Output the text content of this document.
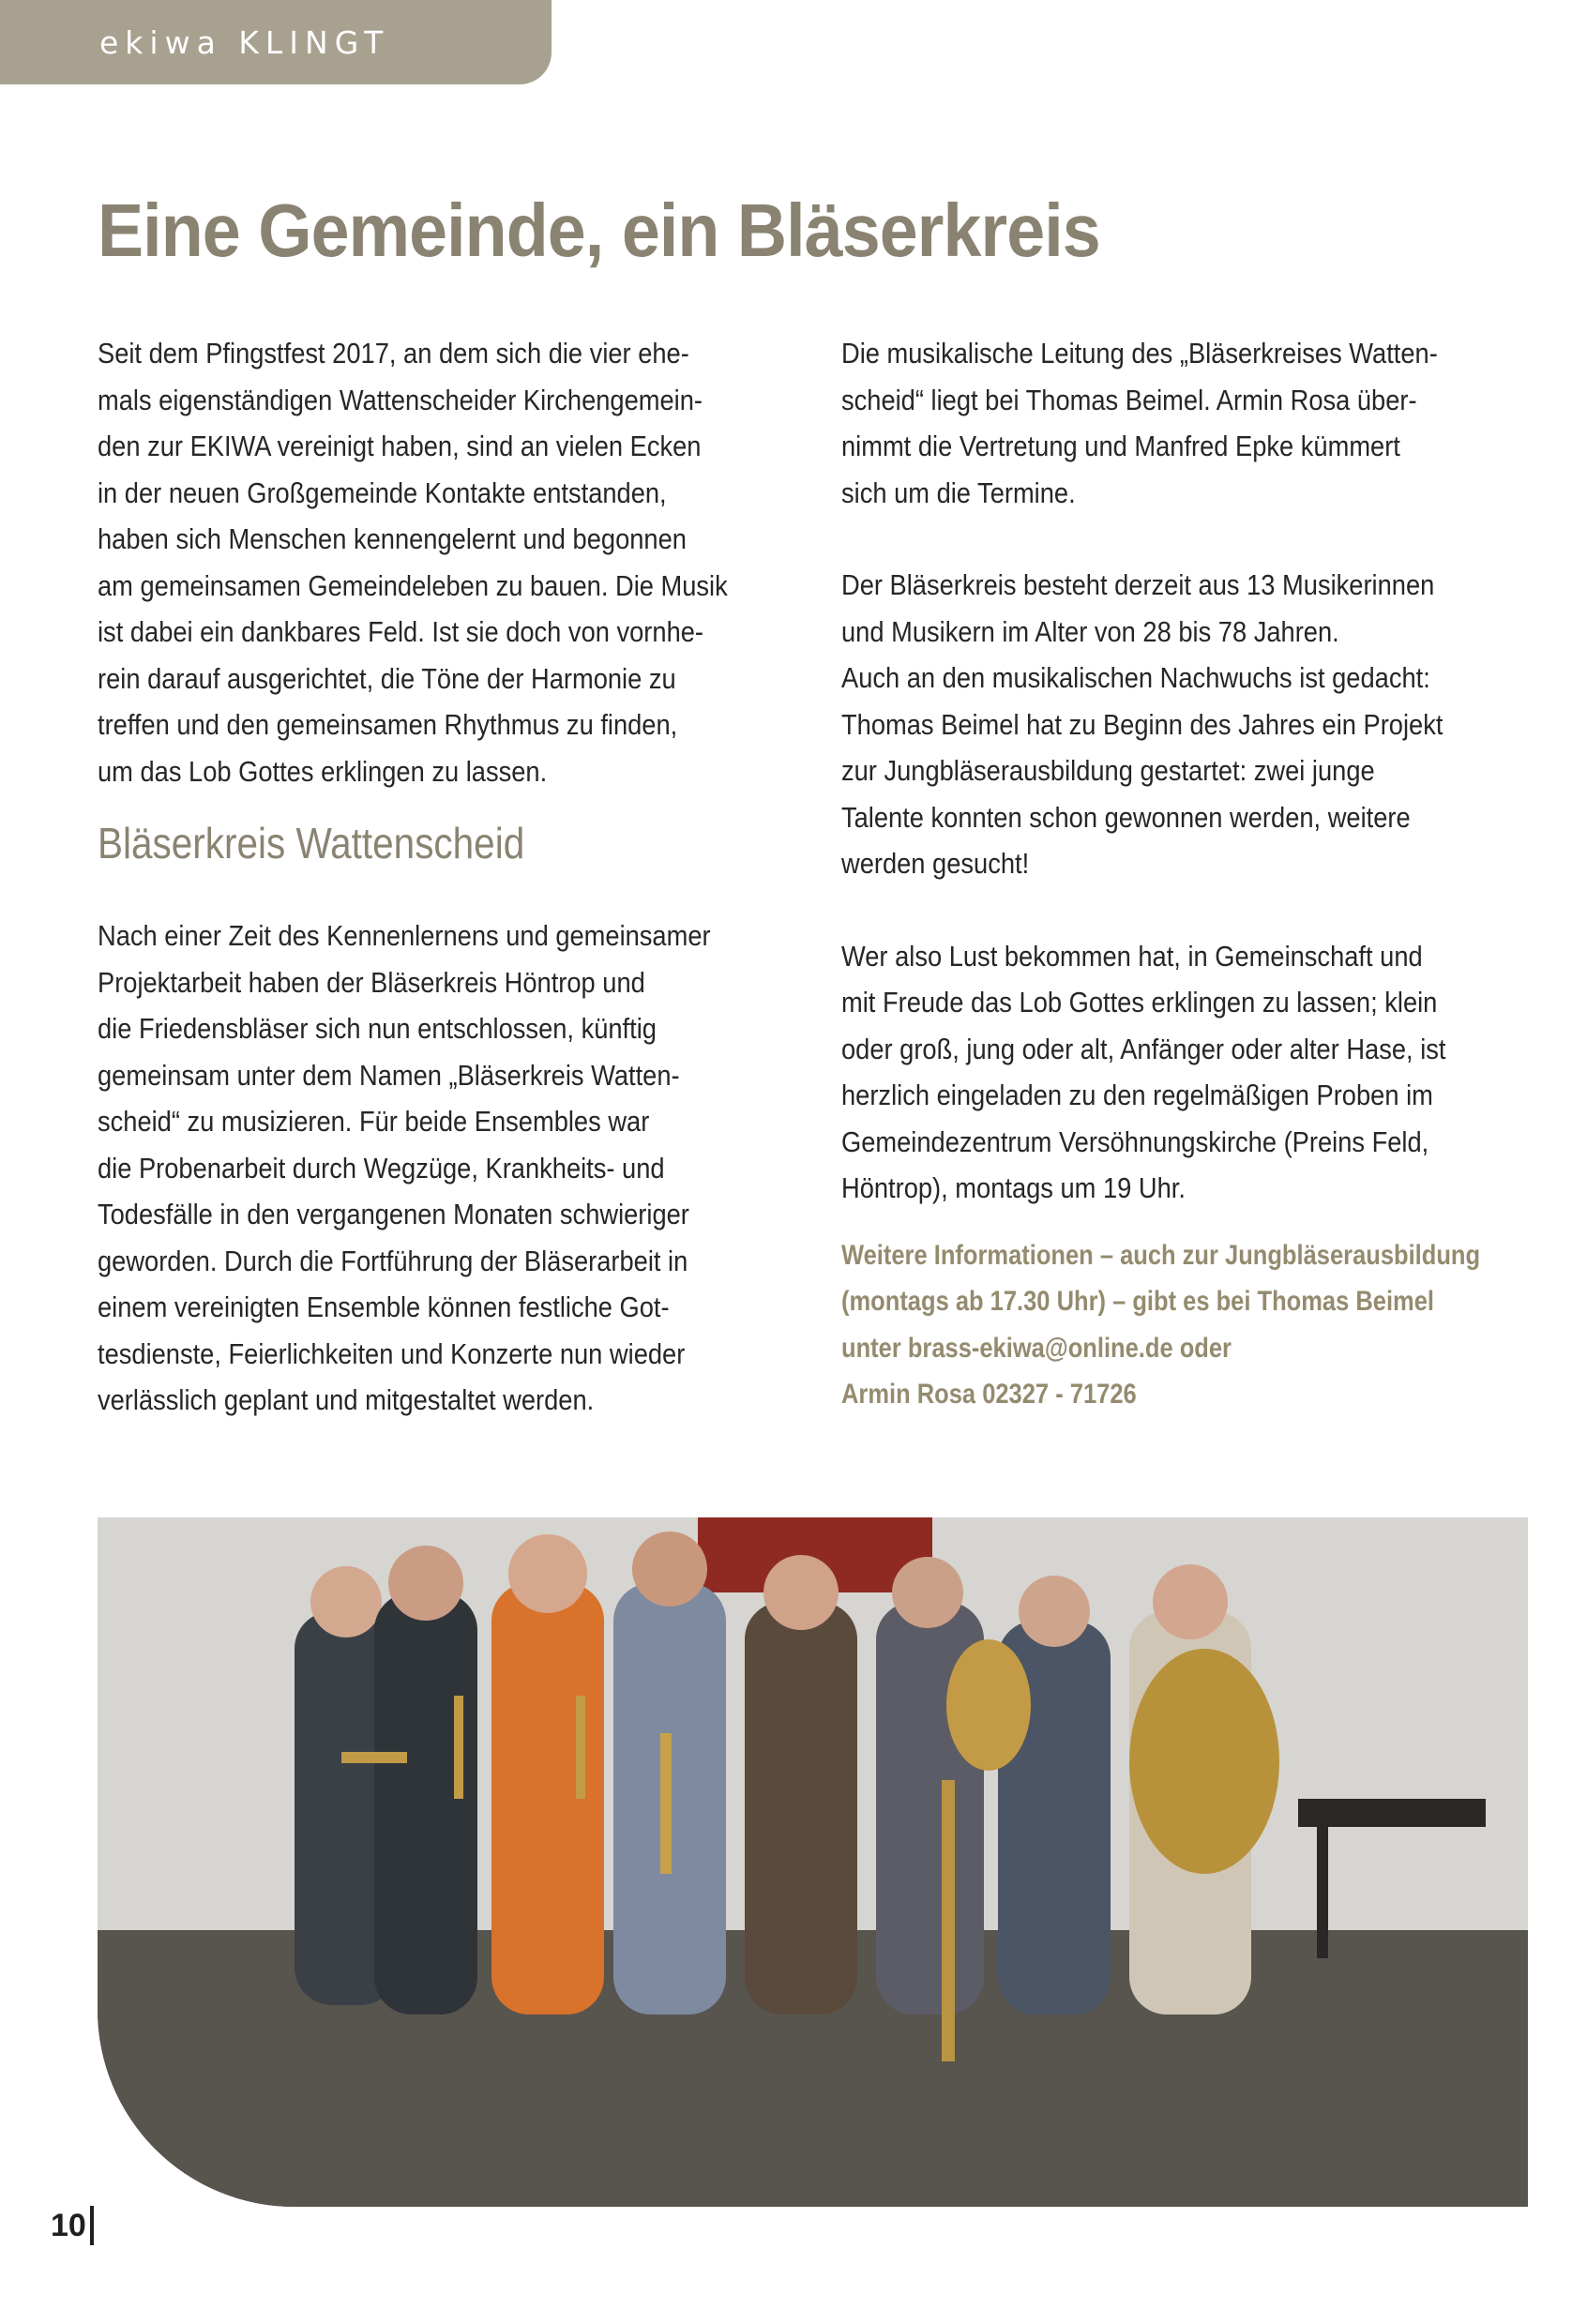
ekiwa KLINGT
Eine Gemeinde, ein Bläserkreis

Seit dem Pfingstfest 2017, an dem sich die vier ehe-
mals eigenständigen Wattenscheider Kirchengemein-
den zur EKIWA vereinigt haben, sind an vielen Ecken
in der neuen Großgemeinde Kontakte entstanden,
haben sich Menschen kennengelernt und begonnen
am gemeinsamen Gemeindeleben zu bauen. Die Musik
ist dabei ein dankbares Feld. Ist sie doch von vornhe-
rein darauf ausgerichtet, die Töne der Harmonie zu
treffen und den gemeinsamen Rhythmus zu finden,
um das Lob Gottes erklingen zu lassen.

Bläserkreis Wattenscheid

Nach einer Zeit des Kennenlernens und gemeinsamer
Projektarbeit haben der Bläserkreis Höntrop und
die Friedensbläser sich nun entschlossen, künftig
gemeinsam unter dem Namen „Bläserkreis Watten-
scheid“ zu musizieren. Für beide Ensembles war
die Probenarbeit durch Wegzüge, Krankheits- und
Todesfälle in den vergangenen Monaten schwieriger
geworden. Durch die Fortführung der Bläserarbeit in
einem vereinigten Ensemble können festliche Got-
tesdienste, Feierlichkeiten und Konzerte nun wieder
verlässlich geplant und mitgestaltet werden.

Die musikalische Leitung des „Bläserkreises Watten-
scheid“ liegt bei Thomas Beimel. Armin Rosa über-
nimmt die Vertretung und Manfred Epke kümmert
sich um die Termine.

Der Bläserkreis besteht derzeit aus 13 Musikerinnen
und Musikern im Alter von 28 bis 78 Jahren.
Auch an den musikalischen Nachwuchs ist gedacht:
Thomas Beimel hat zu Beginn des Jahres ein Projekt
zur Jungbläserausbildung gestartet: zwei junge
Talente konnten schon gewonnen werden, weitere
werden gesucht!

Wer also Lust bekommen hat, in Gemeinschaft und
mit Freude das Lob Gottes erklingen zu lassen; klein
oder groß, jung oder alt, Anfänger oder alter Hase, ist
herzlich eingeladen zu den regelmäßigen Proben im
Gemeindezentrum Versöhnungskirche (Preins Feld,
Höntrop), montags um 19 Uhr.

Weitere Informationen – auch zur Jungbläserausbildung
(montags ab 17.30 Uhr) – gibt es bei Thomas Beimel
unter brass-ekiwa@online.de oder
Armin Rosa 02327 - 71726
10
